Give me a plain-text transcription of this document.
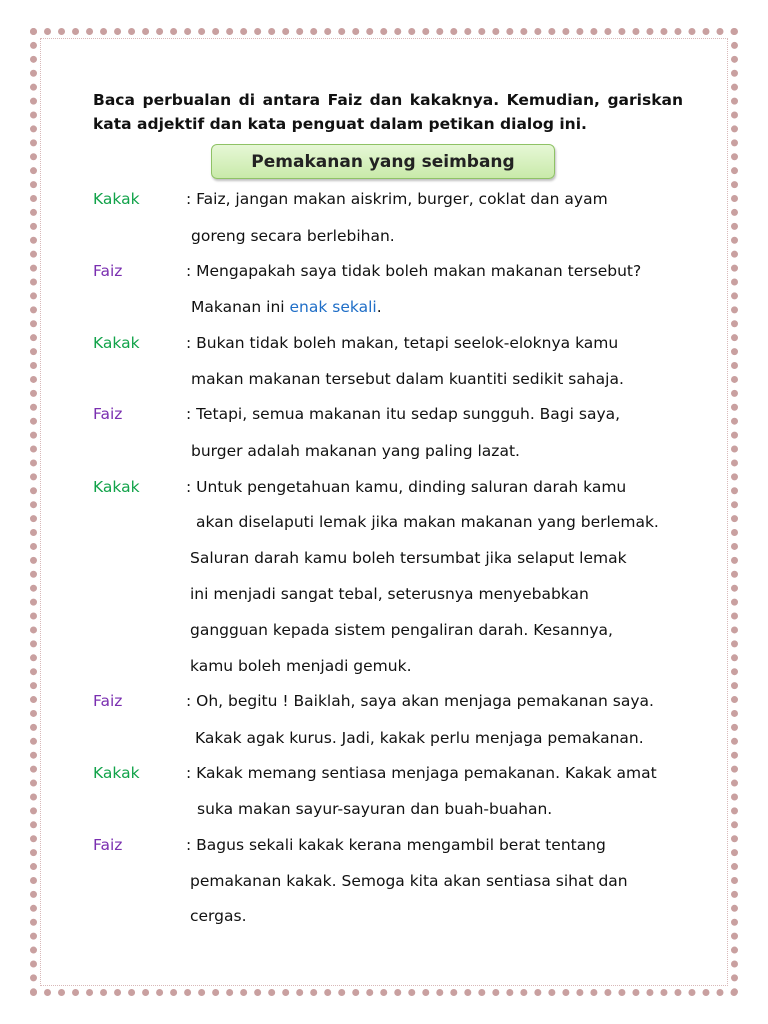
Baca perbualan di antara Faiz dan kakaknya. Kemudian, gariskan kata adjektif dan kata penguat dalam petikan dialog ini.
Pemakanan yang seimbang
Kakak	: Faiz, jangan makan aiskrim, burger, coklat dan ayam
goreng secara berlebihan.
Faiz	: Mengapakah saya tidak boleh makan makanan tersebut?
Makanan ini enak sekali.
Kakak	: Bukan tidak boleh makan, tetapi seelok-eloknya kamu
makan makanan tersebut dalam kuantiti sedikit sahaja.
Faiz	: Tetapi, semua makanan itu sedap sungguh. Bagi saya,
burger adalah makanan yang paling lazat.
Kakak	: Untuk pengetahuan kamu, dinding saluran darah kamu
akan diselaputi lemak jika makan makanan yang berlemak.
Saluran darah kamu boleh tersumbat jika selaput lemak
ini menjadi sangat tebal, seterusnya menyebabkan
gangguan kepada sistem pengaliran darah. Kesannya,
kamu boleh menjadi gemuk.
Faiz	: Oh, begitu ! Baiklah, saya akan menjaga pemakanan saya.
Kakak agak kurus. Jadi, kakak perlu menjaga pemakanan.
Kakak	: Kakak memang sentiasa menjaga pemakanan. Kakak amat
suka makan sayur-sayuran dan buah-buahan.
Faiz	: Bagus sekali kakak kerana mengambil berat tentang
pemakanan kakak. Semoga kita akan sentiasa sihat dan
cergas.
